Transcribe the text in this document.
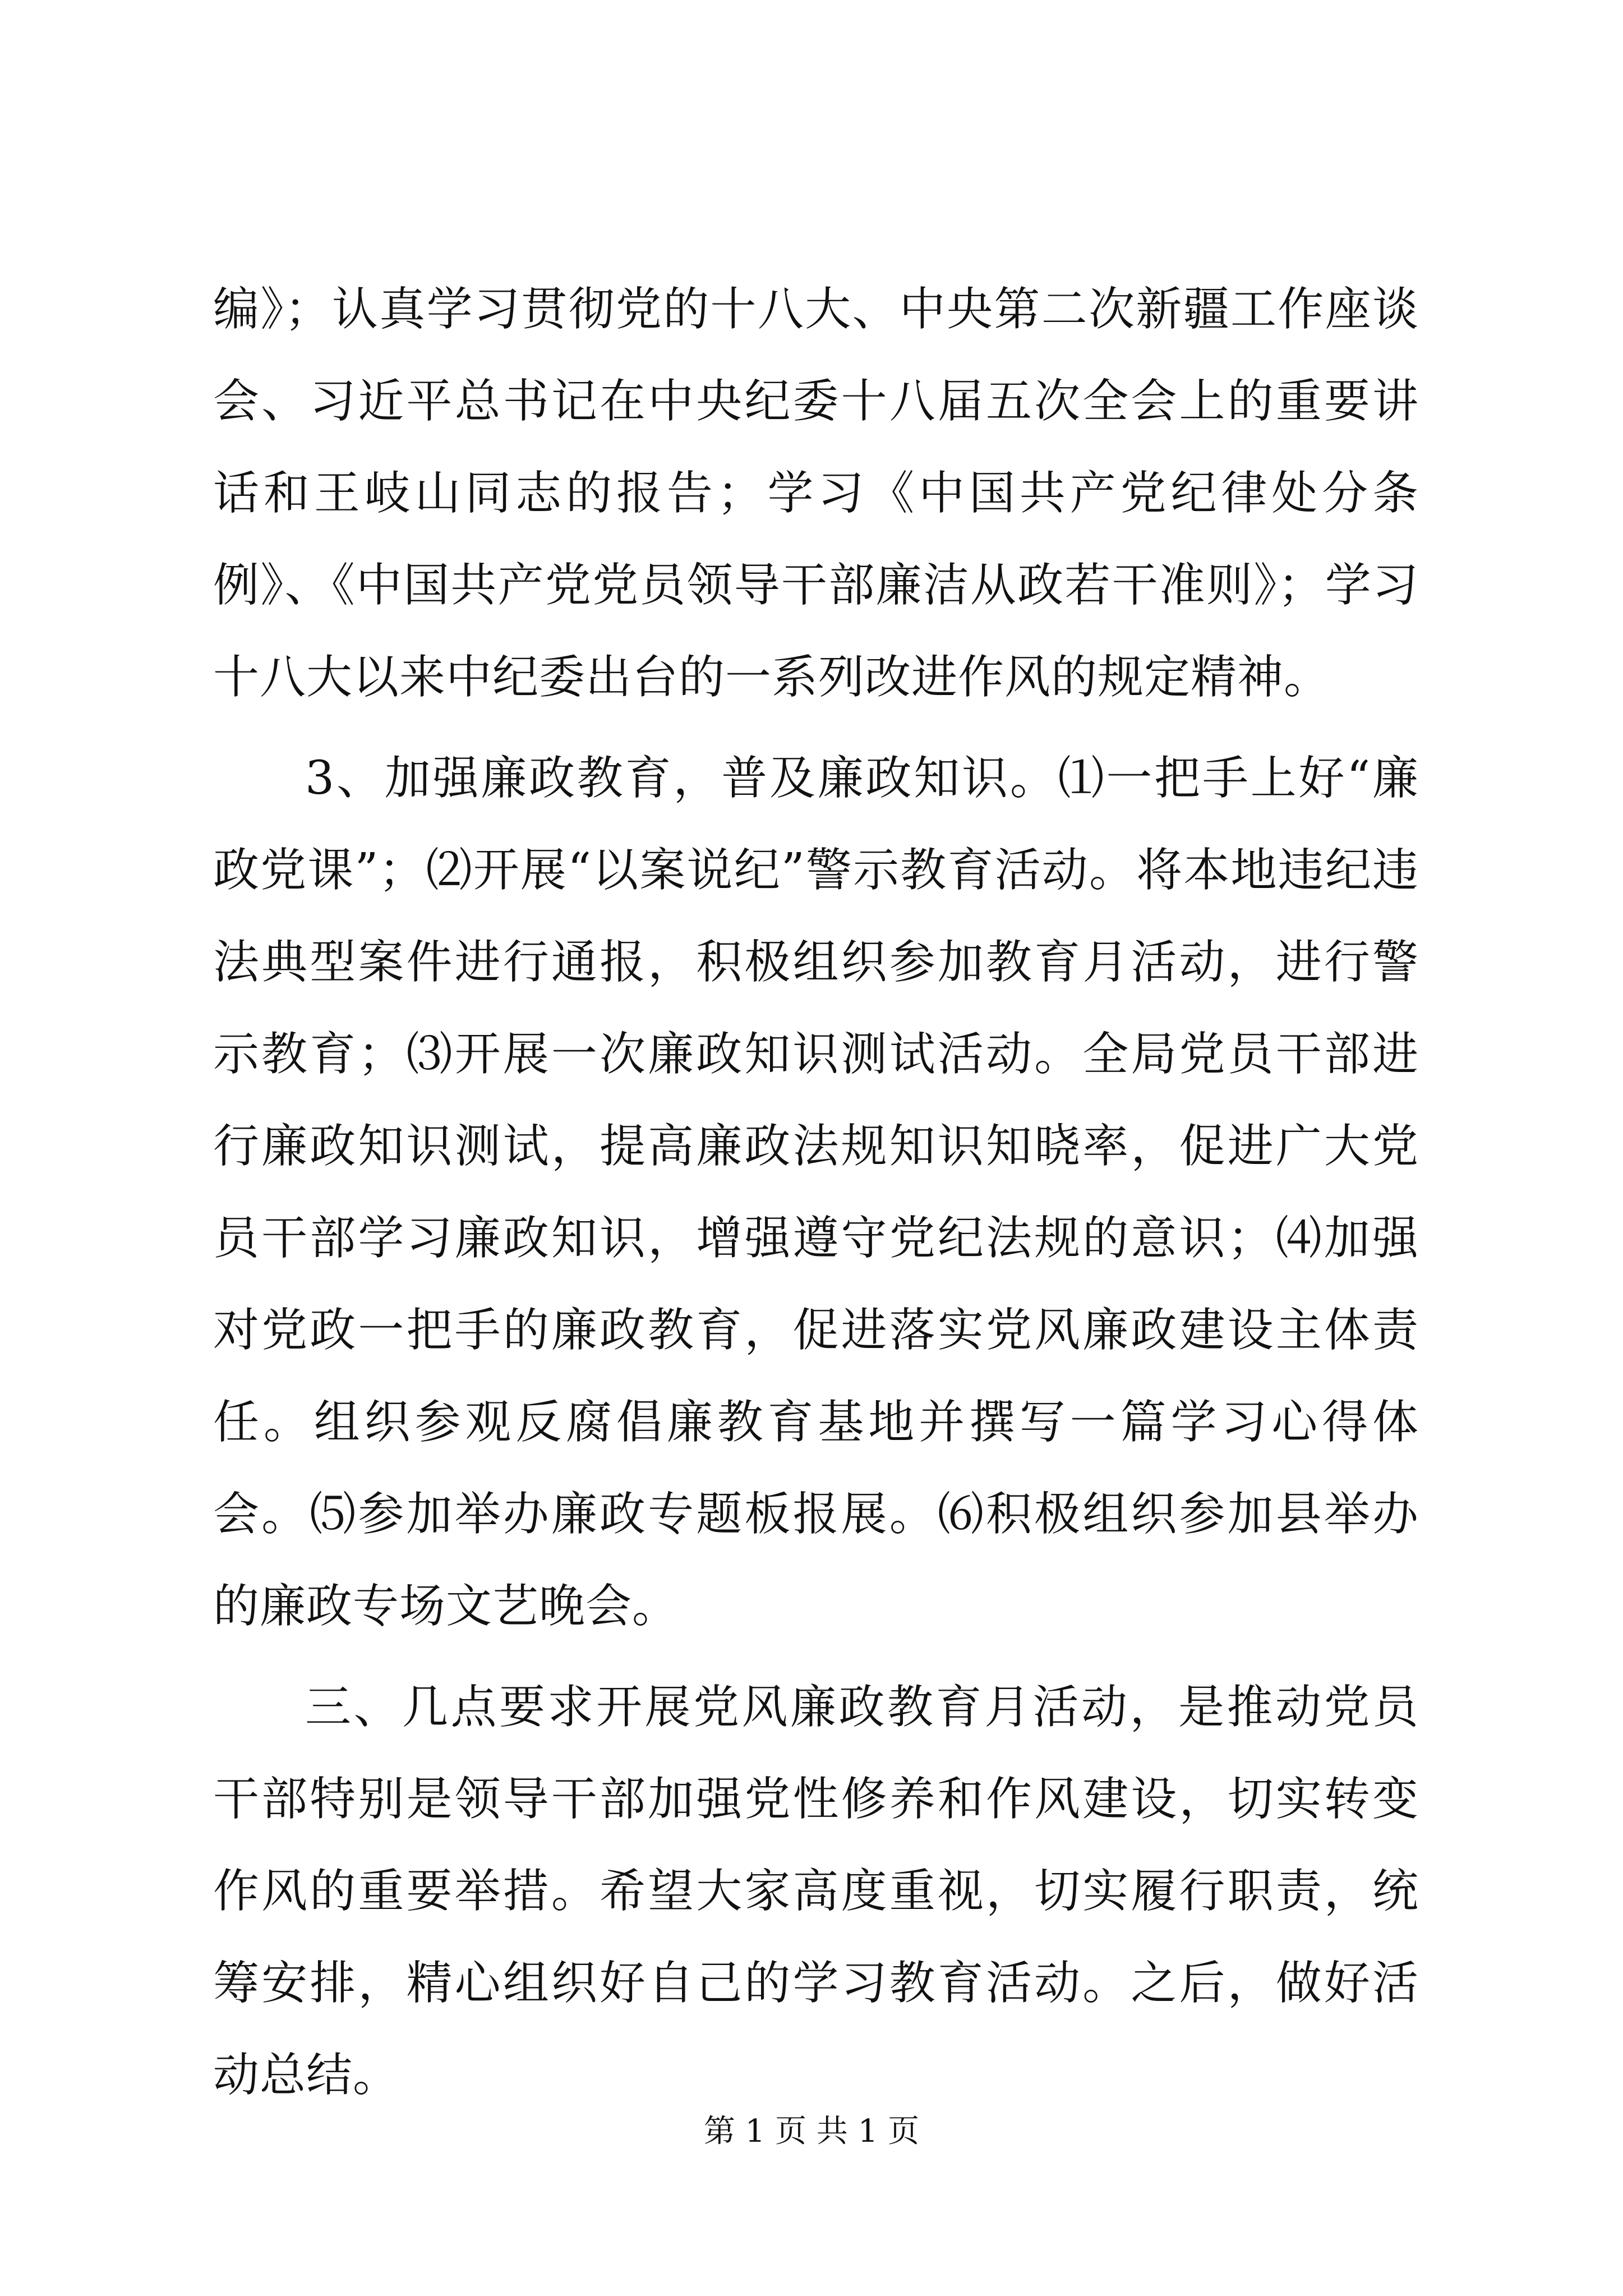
编》；认真学习贯彻党的十八大、中央第二次新疆工作座谈会、习近平总书记在中央纪委十八届五次全会上的重要讲话和王岐山同志的报告；学习《中国共产党纪律处分条例》、《中国共产党党员领导干部廉洁从政若干准则》；学习十八大以来中纪委出台的一系列改进作风的规定精神。

3、加强廉政教育，普及廉政知识。⑴一把手上好“廉政党课”；⑵开展“以案说纪”警示教育活动。将本地违纪违法典型案件进行通报，积极组织参加教育月活动，进行警示教育；⑶开展一次廉政知识测试活动。全局党员干部进行廉政知识测试，提高廉政法规知识知晓率，促进广大党员干部学习廉政知识，增强遵守党纪法规的意识；⑷加强对党政一把手的廉政教育，促进落实党风廉政建设主体责任。组织参观反腐倡廉教育基地并撰写一篇学习心得体会。⑸参加举办廉政专题板报展。⑹积极组织参加县举办的廉政专场文艺晚会。

三、几点要求开展党风廉政教育月活动，是推动党员干部特别是领导干部加强党性修养和作风建设，切实转变作风的重要举措。希望大家高度重视，切实履行职责，统筹安排，精心组织好自己的学习教育活动。之后，做好活动总结。

第 1 页 共 1 页
